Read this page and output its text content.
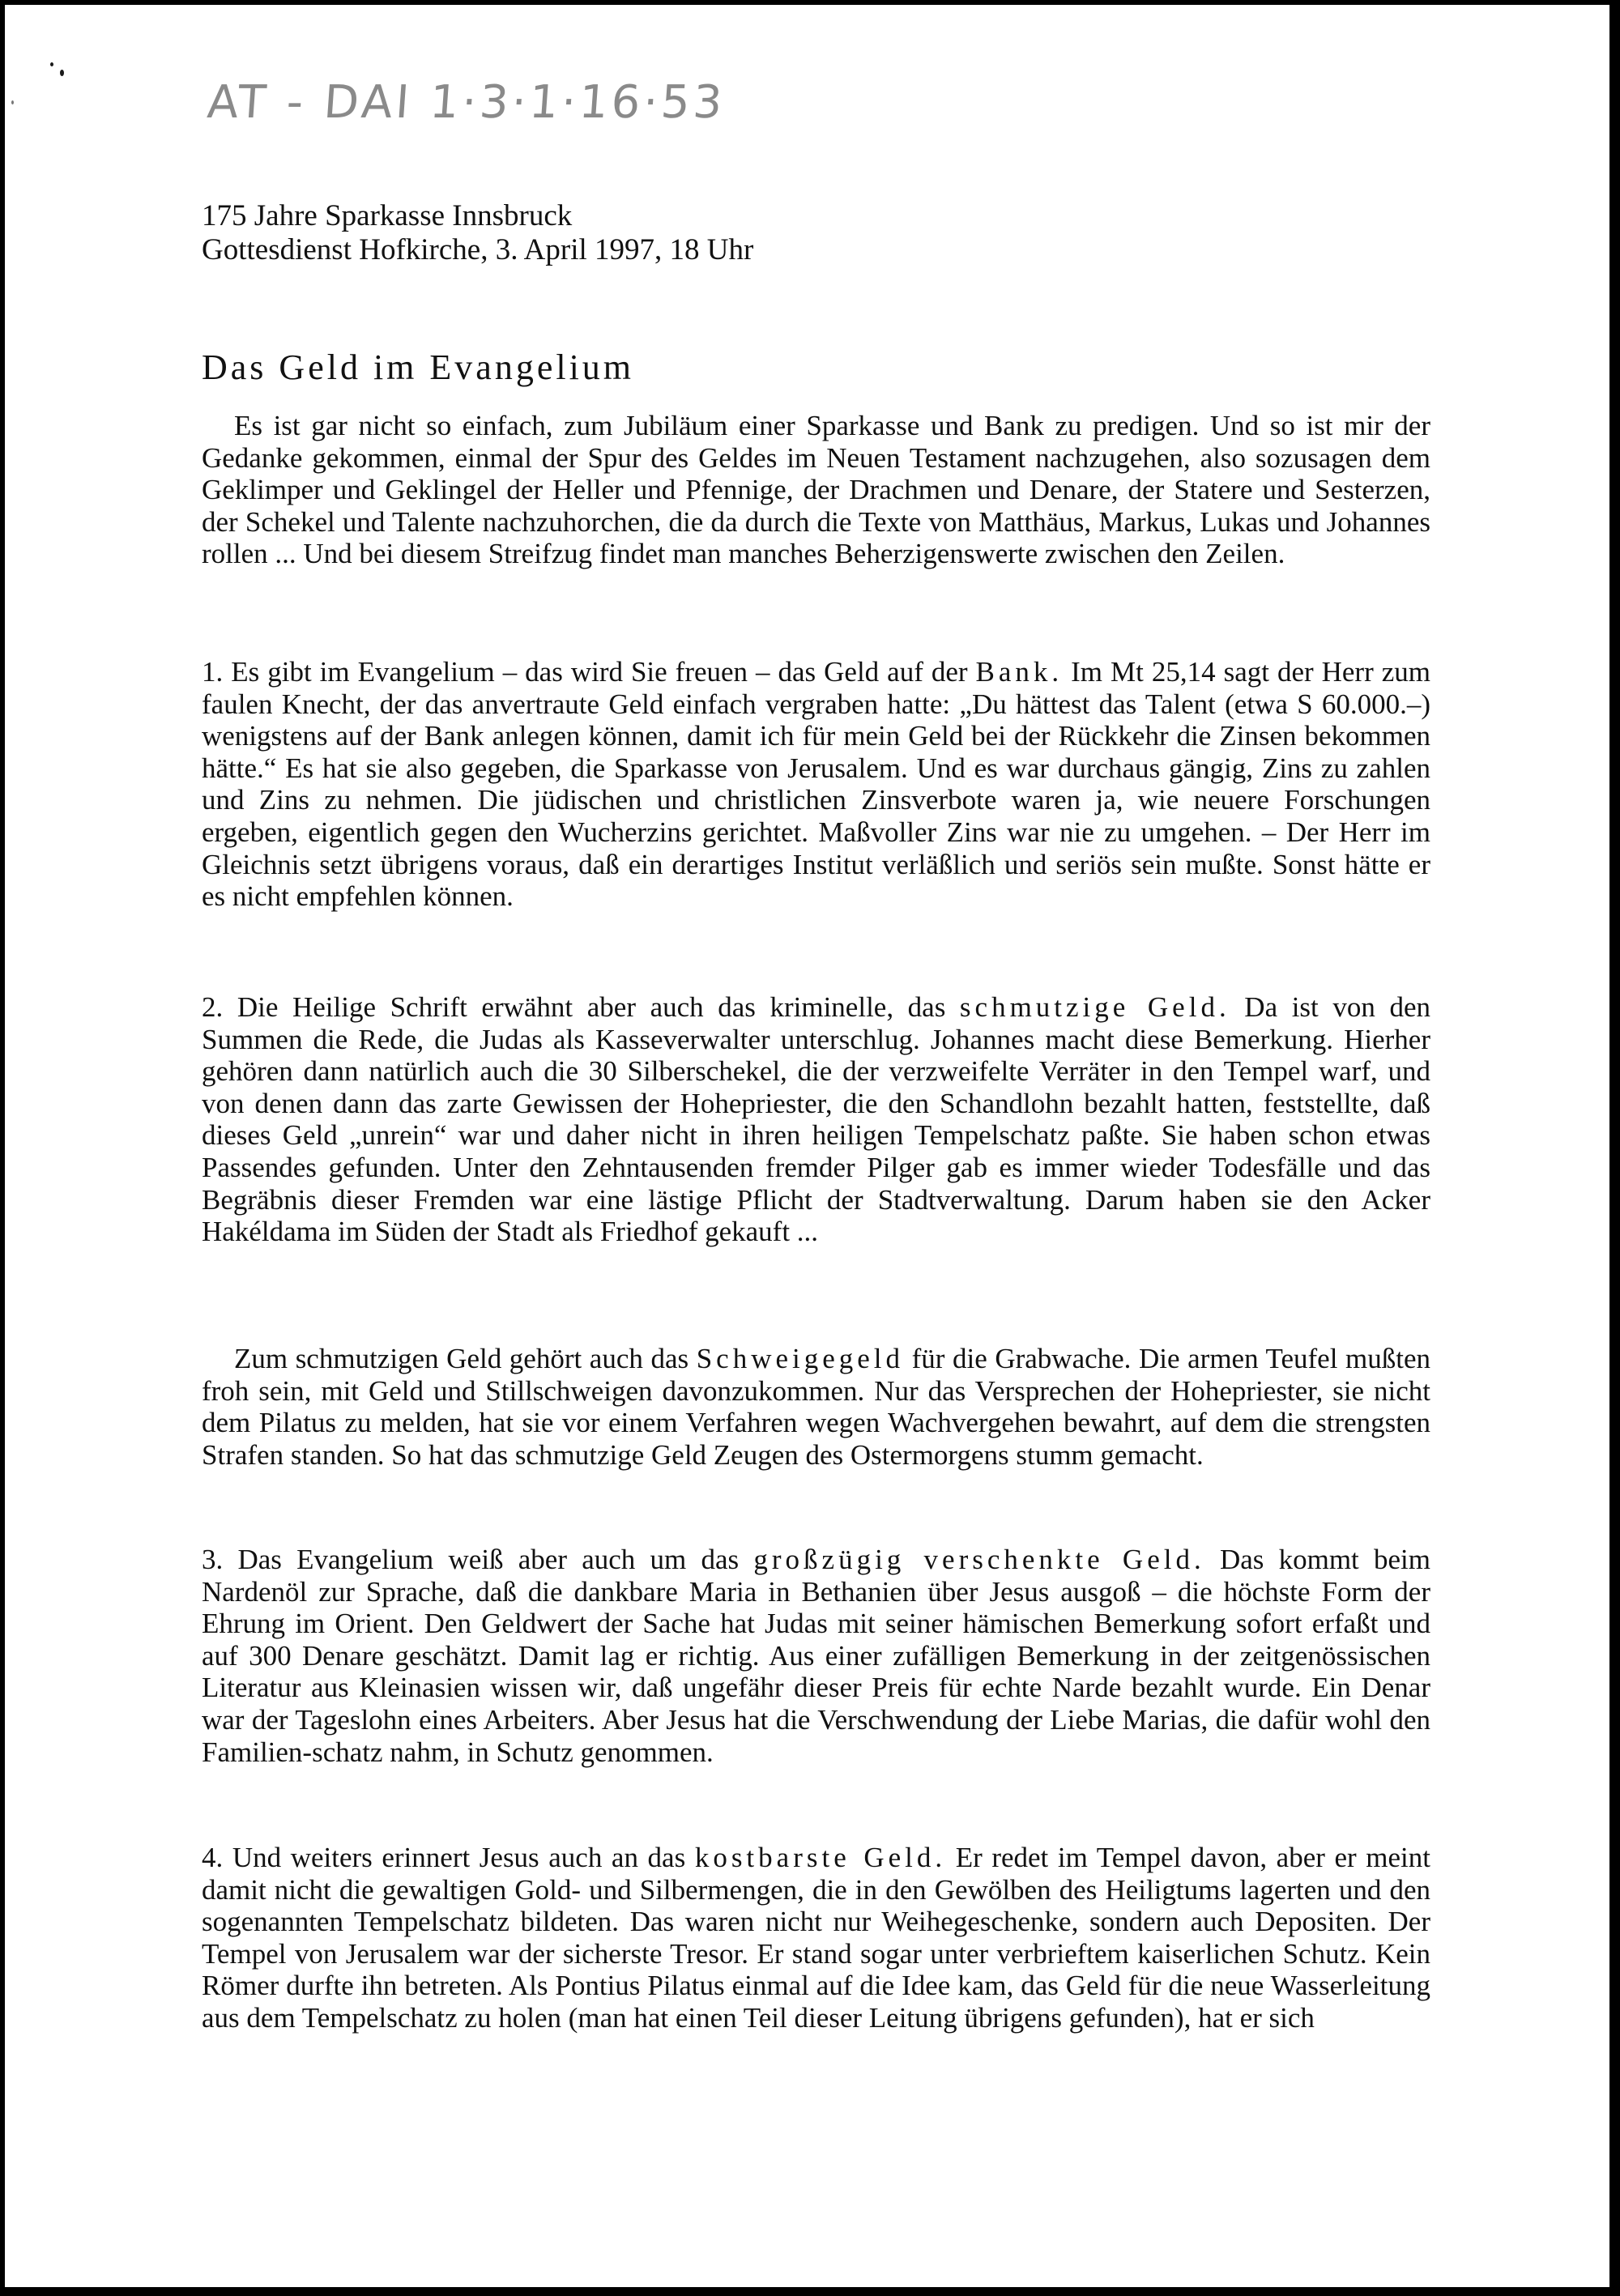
AT - DAI 1·3·1·16·53
175 Jahre Sparkasse Innsbruck
Gottesdienst Hofkirche, 3. April 1997, 18 Uhr
Das Geld im Evangelium

Es ist gar nicht so einfach, zum Jubiläum einer Sparkasse und Bank zu predigen. Und so ist mir der Gedanke gekommen, einmal der Spur des Geldes im Neuen Testament nachzugehen, also sozusagen dem Geklimper und Geklingel der Heller und Pfennige, der Drachmen und Denare, der Statere und Sesterzen, der Schekel und Talente nachzuhorchen, die da durch die Texte von Matthäus, Markus, Lukas und Johannes rollen ... Und bei diesem Streifzug findet man manches Beherzigenswerte zwischen den Zeilen.

1. Es gibt im Evangelium – das wird Sie freuen – das Geld auf der Bank. Im Mt 25,14 sagt der Herr zum faulen Knecht, der das anvertraute Geld einfach vergraben hatte: „Du hättest das Talent (etwa S 60.000.–) wenigstens auf der Bank anlegen können, damit ich für mein Geld bei der Rückkehr die Zinsen bekommen hätte.“ Es hat sie also gegeben, die Sparkasse von Jerusalem. Und es war durchaus gängig, Zins zu zahlen und Zins zu nehmen. Die jüdischen und christlichen Zinsverbote waren ja, wie neuere Forschungen ergeben, eigentlich gegen den Wucherzins gerichtet. Maßvoller Zins war nie zu umgehen. – Der Herr im Gleichnis setzt übrigens voraus, daß ein derartiges Institut verläßlich und seriös sein mußte. Sonst hätte er es nicht empfehlen können.

2. Die Heilige Schrift erwähnt aber auch das kriminelle, das schmutzige Geld. Da ist von den Summen die Rede, die Judas als Kasseverwalter unterschlug. Johannes macht diese Bemerkung. Hierher gehören dann natürlich auch die 30 Silberschekel, die der verzweifelte Verräter in den Tempel warf, und von denen dann das zarte Gewissen der Hohepriester, die den Schandlohn bezahlt hatten, feststellte, daß dieses Geld „unrein“ war und daher nicht in ihren heiligen Tempelschatz paßte. Sie haben schon etwas Passendes gefunden. Unter den Zehntausenden fremder Pilger gab es immer wieder Todesfälle und das Begräbnis dieser Fremden war eine lästige Pflicht der Stadtverwaltung. Darum haben sie den Acker Hakéldama im Süden der Stadt als Friedhof gekauft ...

Zum schmutzigen Geld gehört auch das Schweigegeld für die Grabwache. Die armen Teufel mußten froh sein, mit Geld und Stillschweigen davonzukommen. Nur das Versprechen der Hohepriester, sie nicht dem Pilatus zu melden, hat sie vor einem Verfahren wegen Wachvergehen bewahrt, auf dem die strengsten Strafen standen. So hat das schmutzige Geld Zeugen des Ostermorgens stumm gemacht.

3. Das Evangelium weiß aber auch um das großzügig verschenkte Geld. Das kommt beim Nardenöl zur Sprache, daß die dankbare Maria in Bethanien über Jesus ausgoß – die höchste Form der Ehrung im Orient. Den Geldwert der Sache hat Judas mit seiner hämischen Bemerkung sofort erfaßt und auf 300 Denare geschätzt. Damit lag er richtig. Aus einer zufälligen Bemerkung in der zeitgenössischen Literatur aus Kleinasien wissen wir, daß ungefähr dieser Preis für echte Narde bezahlt wurde. Ein Denar war der Tageslohn eines Arbeiters. Aber Jesus hat die Verschwendung der Liebe Marias, die dafür wohl den Familien-schatz nahm, in Schutz genommen.

4. Und weiters erinnert Jesus auch an das kostbarste Geld. Er redet im Tempel davon, aber er meint damit nicht die gewaltigen Gold- und Silbermengen, die in den Gewölben des Heiligtums lagerten und den sogenannten Tempelschatz bildeten. Das waren nicht nur Weihegeschenke, sondern auch Depositen. Der Tempel von Jerusalem war der sicherste Tresor. Er stand sogar unter verbrieftem kaiserlichen Schutz. Kein Römer durfte ihn betreten. Als Pontius Pilatus einmal auf die Idee kam, das Geld für die neue Wasserleitung aus dem Tempelschatz zu holen (man hat einen Teil dieser Leitung übrigens gefunden), hat er sich
